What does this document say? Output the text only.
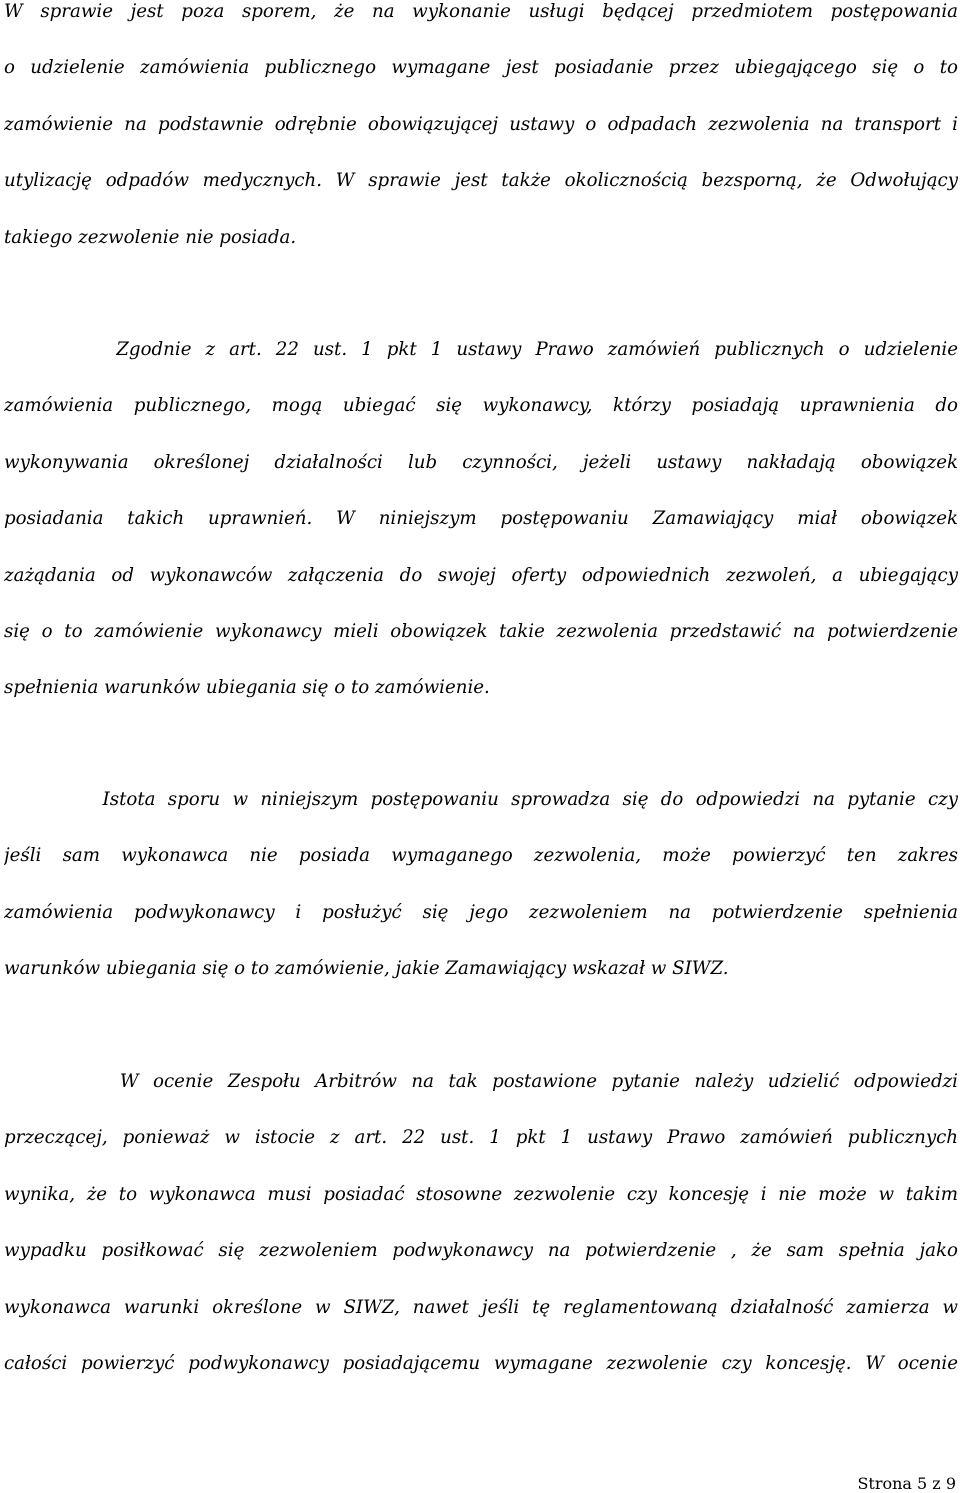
W sprawie jest poza sporem, że na wykonanie usługi będącej przedmiotem postępowania
o udzielenie zamówienia publicznego wymagane jest posiadanie przez ubiegającego się o to
zamówienie na podstawnie odrębnie obowiązującej ustawy o odpadach zezwolenia na transport i
utylizację odpadów medycznych. W sprawie jest także okolicznością bezsporną, że Odwołujący
takiego zezwolenie nie posiada.
Zgodnie z art. 22 ust. 1 pkt 1 ustawy Prawo zamówień publicznych o udzielenie
zamówienia publicznego, mogą ubiegać się wykonawcy, którzy posiadają uprawnienia do
wykonywania określonej działalności lub czynności, jeżeli ustawy nakładają obowiązek
posiadania takich uprawnień. W niniejszym postępowaniu Zamawiający miał obowiązek
zażądania od wykonawców załączenia do swojej oferty odpowiednich zezwoleń, a ubiegający
się o to zamówienie wykonawcy mieli obowiązek takie zezwolenia przedstawić na potwierdzenie
spełnienia warunków ubiegania się o to zamówienie.
Istota sporu w niniejszym postępowaniu sprowadza się do odpowiedzi na pytanie czy
jeśli sam wykonawca nie posiada wymaganego zezwolenia, może powierzyć ten zakres
zamówienia podwykonawcy i posłużyć się jego zezwoleniem na potwierdzenie spełnienia
warunków ubiegania się o to zamówienie, jakie Zamawiający wskazał w SIWZ.
W ocenie Zespołu Arbitrów na tak postawione pytanie należy udzielić odpowiedzi
przeczącej, ponieważ w istocie z art. 22 ust. 1 pkt 1 ustawy Prawo zamówień publicznych
wynika, że to wykonawca musi posiadać stosowne zezwolenie czy koncesję i nie może w takim
wypadku posiłkować się zezwoleniem podwykonawcy na potwierdzenie , że sam spełnia jako
wykonawca warunki określone w SIWZ, nawet jeśli tę reglamentowaną działalność zamierza w
całości powierzyć podwykonawcy posiadającemu wymagane zezwolenie czy koncesję. W ocenie
Strona 5 z 9
